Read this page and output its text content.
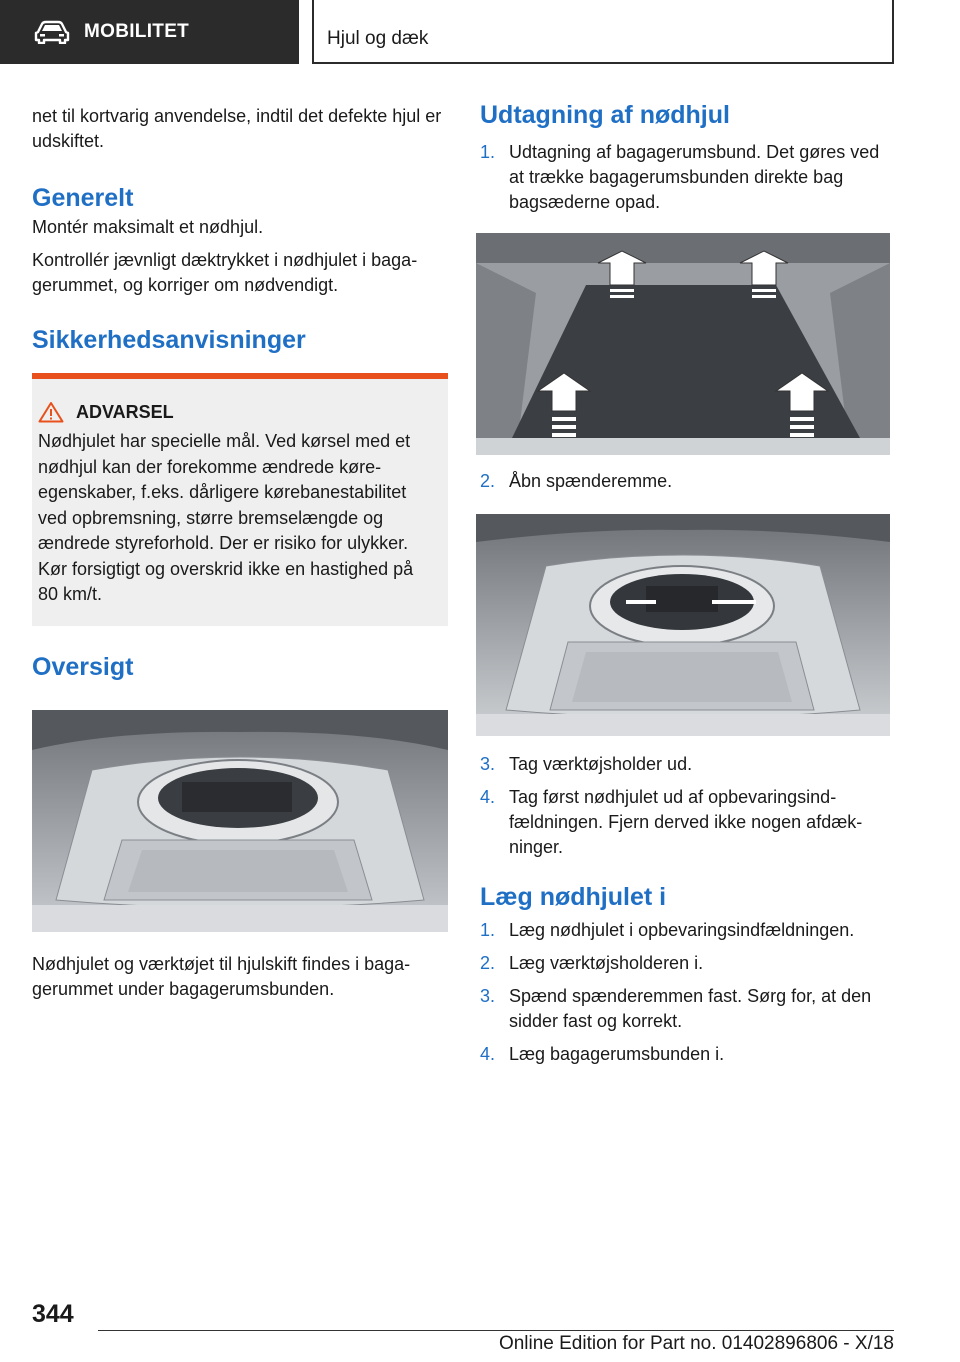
MOBILITET	Hjul og dæk

net til kortvarig anvendelse, indtil det defekte hjul er udskiftet.

Generelt

Montér maksimalt et nødhjul.

Kontrollér jævnligt dæktrykket i nødhjulet i bagagerummet, og korriger om nødvendigt.

Sikkerhedsanvisninger
ADVARSEL

Nødhjulet har specielle mål. Ved kørsel med et nødhjul kan der forekomme ændrede køreegenskaber, f.eks. dårligere kørebanestabilitet ved opbremsning, større bremselængde og ændrede styreforhold. Der er risiko for ulykker. Kør forsigtigt og overskrid ikke en hastighed på 80 km/t.

Oversigt

Nødhjulet og værktøjet til hjulskift findes i bagagerummet under bagagerumsbunden.

Udtagning af nødhjul
1. Udtagning af bagagerumsbund. Det gøres ved at trække bagagerumsbunden direkte bag bagsæderne opad.
2. Åbn spænderemme.
3. Tag værktøjsholder ud.
4. Tag først nødhjulet ud af opbevaringsindfældningen. Fjern derved ikke nogen afdækninger.
Læg nødhjulet i
1. Læg nødhjulet i opbevaringsindfældningen.
2. Læg værktøjsholderen i.
3. Spænd spænderemmen fast. Sørg for, at den sidder fast og korrekt.
4. Læg bagagerumsbunden i.
344
Online Edition for Part no. 01402896806 - X/18
